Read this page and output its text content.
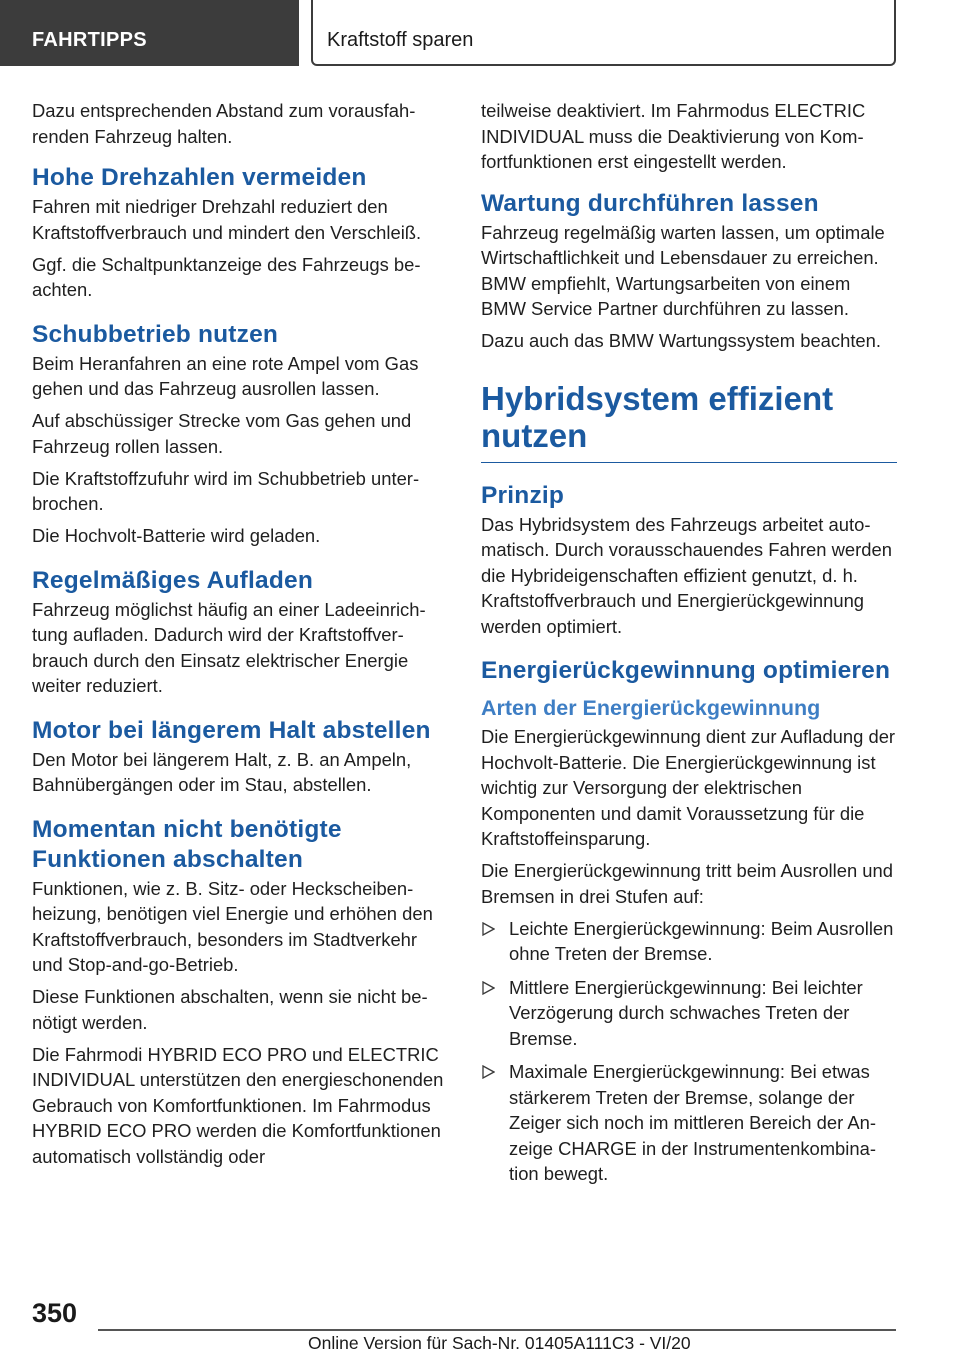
FAHRTIPPS	Kraftstoff sparen
Dazu entsprechenden Abstand zum vorausfahrenden Fahrzeug halten.
Hohe Drehzahlen vermeiden
Fahren mit niedriger Drehzahl reduziert den Kraftstoffverbrauch und mindert den Verschleiß.
Ggf. die Schaltpunktanzeige des Fahrzeugs beachten.
Schubbetrieb nutzen
Beim Heranfahren an eine rote Ampel vom Gas gehen und das Fahrzeug ausrollen lassen.
Auf abschüssiger Strecke vom Gas gehen und Fahrzeug rollen lassen.
Die Kraftstoffzufuhr wird im Schubbetrieb unterbrochen.
Die Hochvolt-Batterie wird geladen.
Regelmäßiges Aufladen
Fahrzeug möglichst häufig an einer Ladeeinrichtung aufladen. Dadurch wird der Kraftstoffverbrauch durch den Einsatz elektrischer Energie weiter reduziert.
Motor bei längerem Halt abstellen
Den Motor bei längerem Halt, z. B. an Ampeln, Bahnübergängen oder im Stau, abstellen.
Momentan nicht benötigte Funktionen abschalten
Funktionen, wie z. B. Sitz- oder Heckscheibenheizung, benötigen viel Energie und erhöhen den Kraftstoffverbrauch, besonders im Stadtverkehr und Stop-and-go-Betrieb.
Diese Funktionen abschalten, wenn sie nicht benötigt werden.
Die Fahrmodi HYBRID ECO PRO und ELECTRIC INDIVIDUAL unterstützen den energieschonenden Gebrauch von Komfortfunktionen. Im Fahrmodus HYBRID ECO PRO werden die Komfortfunktionen automatisch vollständig oder
teilweise deaktiviert. Im Fahrmodus ELECTRIC INDIVIDUAL muss die Deaktivierung von Komfortfunktionen erst eingestellt werden.
Wartung durchführen lassen
Fahrzeug regelmäßig warten lassen, um optimale Wirtschaftlichkeit und Lebensdauer zu erreichen. BMW empfiehlt, Wartungsarbeiten von einem BMW Service Partner durchführen zu lassen.
Dazu auch das BMW Wartungssystem beachten.
Hybridsystem effizient nutzen
Prinzip
Das Hybridsystem des Fahrzeugs arbeitet automatisch. Durch vorausschauendes Fahren werden die Hybrideigenschaften effizient genutzt, d. h. Kraftstoffverbrauch und Energierückgewinnung werden optimiert.
Energierückgewinnung optimieren
Arten der Energierückgewinnung
Die Energierückgewinnung dient zur Aufladung der Hochvolt-Batterie. Die Energierückgewinnung ist wichtig zur Versorgung der elektrischen Komponenten und damit Voraussetzung für die Kraftstoffeinsparung.
Die Energierückgewinnung tritt beim Ausrollen und Bremsen in drei Stufen auf:
Leichte Energierückgewinnung: Beim Ausrollen ohne Treten der Bremse.
Mittlere Energierückgewinnung: Bei leichter Verzögerung durch schwaches Treten der Bremse.
Maximale Energierückgewinnung: Bei etwas stärkerem Treten der Bremse, solange der Zeiger sich noch im mittleren Bereich der Anzeige CHARGE in der Instrumentenkombination bewegt.
350
Online Version für Sach-Nr. 01405A111C3 - VI/20
